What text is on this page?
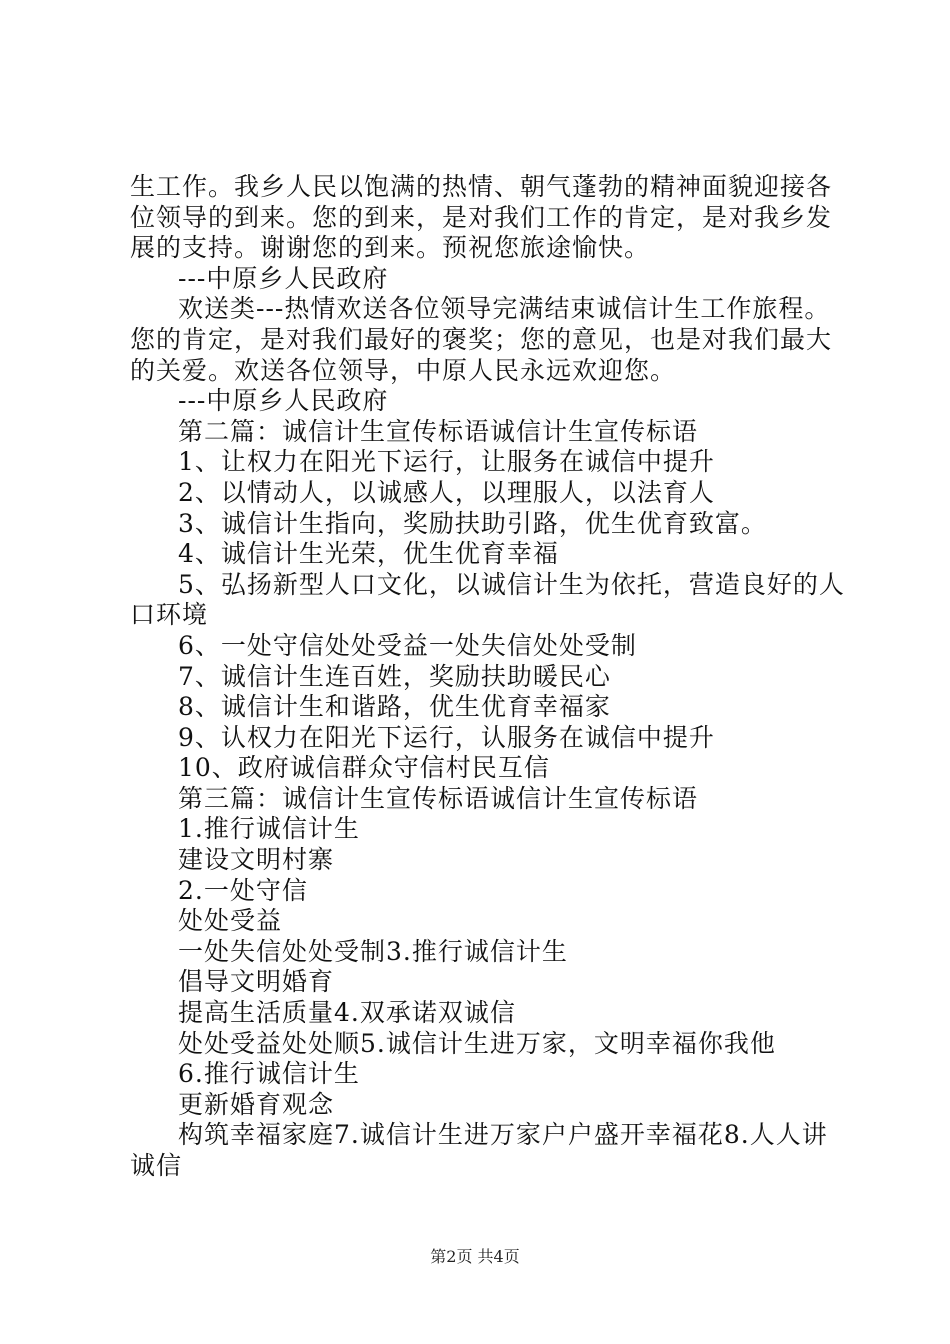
生工作。我乡人民以饱满的热情、朝气蓬勃的精神面貌迎接各
位领导的到来。您的到来，是对我们工作的肯定，是对我乡发
展的支持。谢谢您的到来。预祝您旅途愉快。
---中原乡人民政府
欢送类---热情欢送各位领导完满结束诚信计生工作旅程。
您的肯定，是对我们最好的褒奖；您的意见，也是对我们最大
的关爱。欢送各位领导，中原人民永远欢迎您。
---中原乡人民政府
第二篇：诚信计生宣传标语诚信计生宣传标语
1、让权力在阳光下运行，让服务在诚信中提升
2、以情动人，以诚感人，以理服人，以法育人
3、诚信计生指向，奖励扶助引路，优生优育致富。
4、诚信计生光荣，优生优育幸福
5、弘扬新型人口文化，以诚信计生为依托，营造良好的人
口环境
6、一处守信处处受益一处失信处处受制
7、诚信计生连百姓，奖励扶助暖民心
8、诚信计生和谐路，优生优育幸福家
9、认权力在阳光下运行，认服务在诚信中提升
10、政府诚信群众守信村民互信
第三篇：诚信计生宣传标语诚信计生宣传标语
1.推行诚信计生
建设文明村寨
2.一处守信
处处受益
一处失信处处受制3.推行诚信计生
倡导文明婚育
提高生活质量4.双承诺双诚信
处处受益处处顺5.诚信计生进万家，文明幸福你我他
6.推行诚信计生
更新婚育观念
构筑幸福家庭7.诚信计生进万家户户盛开幸福花8.人人讲
诚信
第2页 共4页
